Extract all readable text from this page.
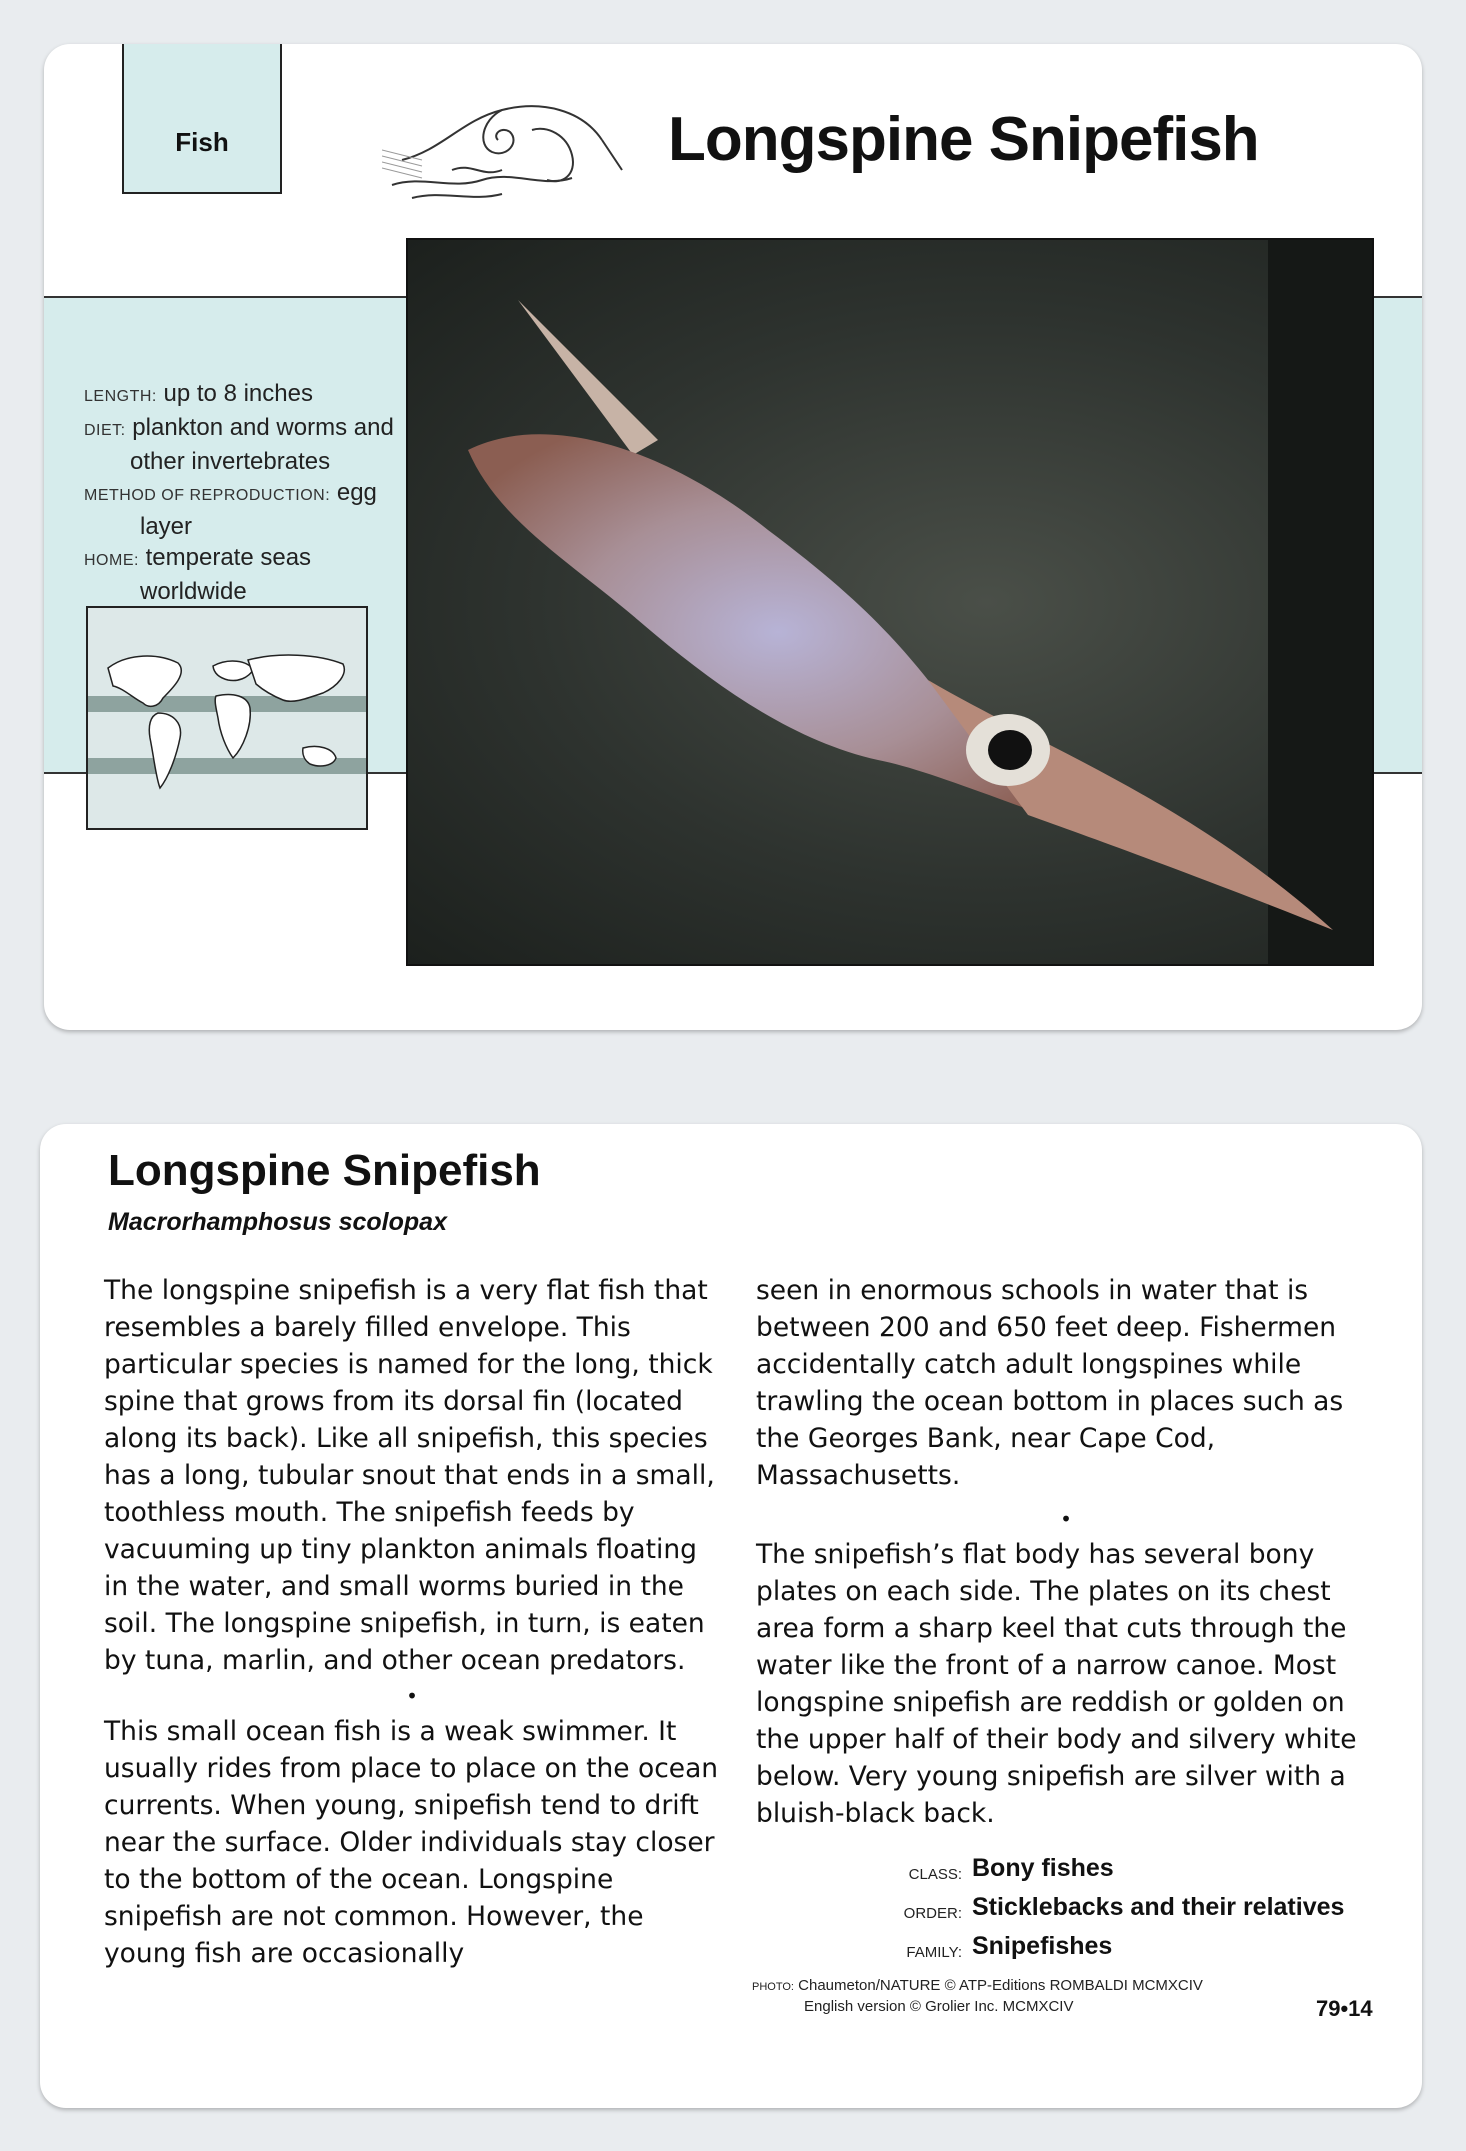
Fish	Longspine Snipefish
LENGTH: up to 8 inches
DIET: plankton and worms and
other invertebrates
METHOD OF REPRODUCTION: egg
layer
HOME: temperate seas
worldwide
Longspine Snipefish
Macrorhamphosus scolopax

The longspine snipefish is a very flat fish that resembles a barely filled envelope. This particular species is named for the long, thick spine that grows from its dorsal fin (located along its back). Like all snipefish, this species has a long, tubular snout that ends in a small, toothless mouth. The snipefish feeds by vacuuming up tiny plankton animals floating in the water, and small worms buried in the soil. The longspine snipefish, in turn, is eaten by tuna, marlin, and other ocean predators.

•

This small ocean fish is a weak swimmer. It usually rides from place to place on the ocean currents. When young, snipefish tend to drift near the surface. Older individuals stay closer to the bottom of the ocean. Longspine snipefish are not common. However, the young fish are occasionally

seen in enormous schools in water that is between 200 and 650 feet deep. Fishermen accidentally catch adult longspines while trawling the ocean bottom in places such as the Georges Bank, near Cape Cod, Massachusetts.

•

The snipefish’s flat body has several bony plates on each side. The plates on its chest area form a sharp keel that cuts through the water like the front of a narrow canoe. Most longspine snipefish are reddish or golden on the upper half of their body and silvery white below. Very young snipefish are silver with a bluish-black back.

CLASS: Bony fishes
ORDER: Sticklebacks and their relatives
FAMILY: Snipefishes
PHOTO: Chaumeton/NATURE © ATP-Editions ROMBALDI MCMXCIV
English version © Grolier Inc. MCMXCIV	79•14
